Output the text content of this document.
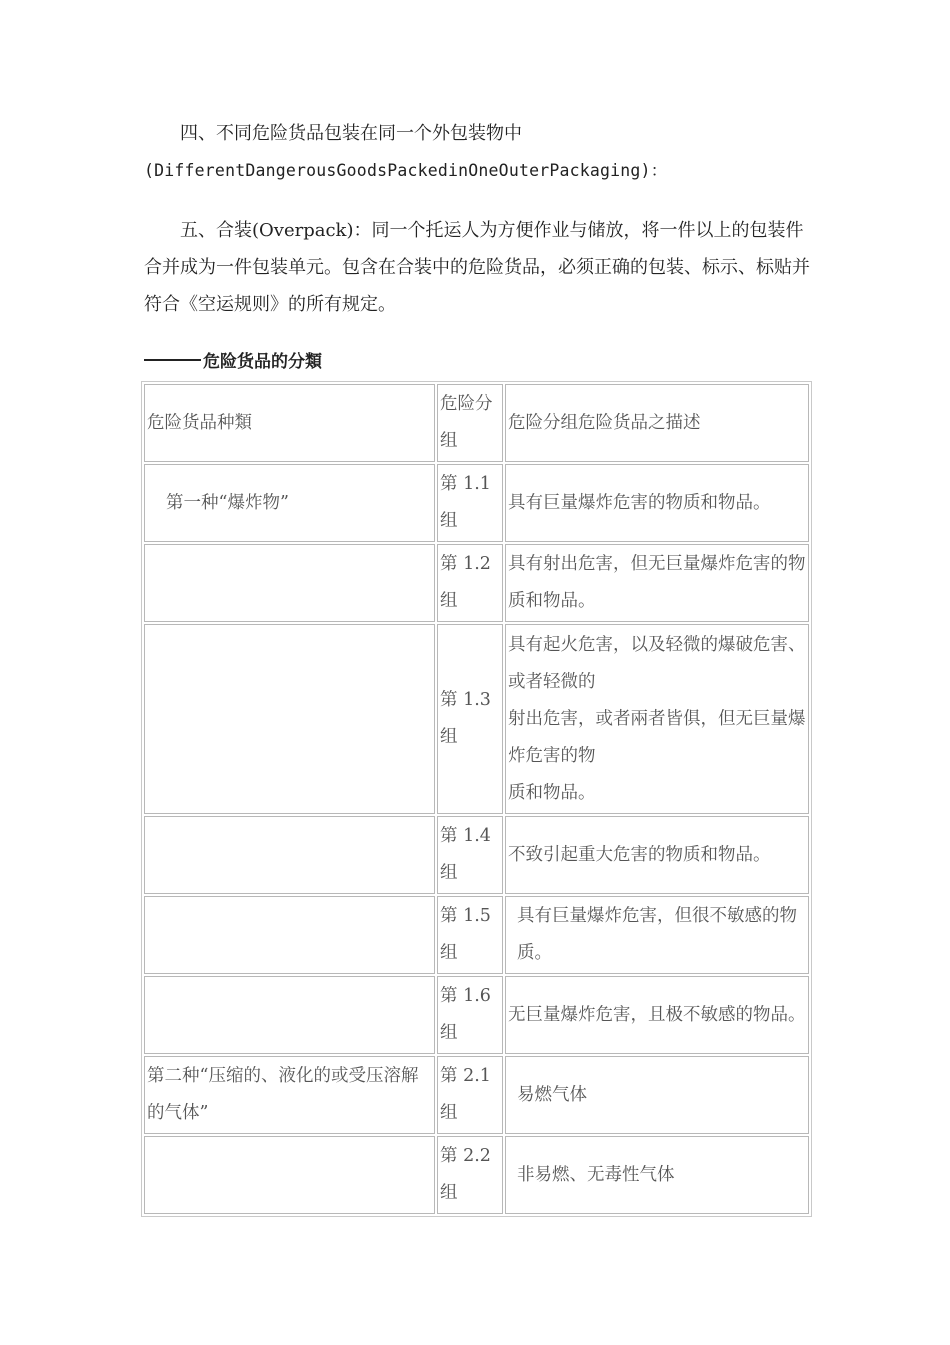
四、不同危险货品包装在同一个外包装物中
(DifferentDangerousGoodsPackedinOneOuterPackaging)：

五、合装(Overpack)：同一个托运人为方便作业与储放，将一件以上的包装件合并成为一件包装单元。包含在合装中的危险货品，必须正确的包装、标示、标贴并符合《空运规则》的所有规定。

危险货品的分類
危险货品种類	危险分组	危险分组危险货品之描述
第一种“爆炸物”	第 1.1 组	具有巨量爆炸危害的物质和物品。
	第 1.2 组	具有射出危害，但无巨量爆炸危害的物质和物品。
	第 1.3 组	具有起火危害，以及轻微的爆破危害、或者轻微的
射出危害，或者兩者皆俱，但无巨量爆炸危害的物
质和物品。

	第 1.4 组	不致引起重大危害的物质和物品。
	第 1.5 组	具有巨量爆炸危害，但很不敏感的物质。

	第 1.6 组	无巨量爆炸危害，且极不敏感的物品。
第二种“压缩的、液化的或受压溶解的气体”	第 2.1 组	易燃气体

	第 2.2 组	非易燃、无毒性气体
